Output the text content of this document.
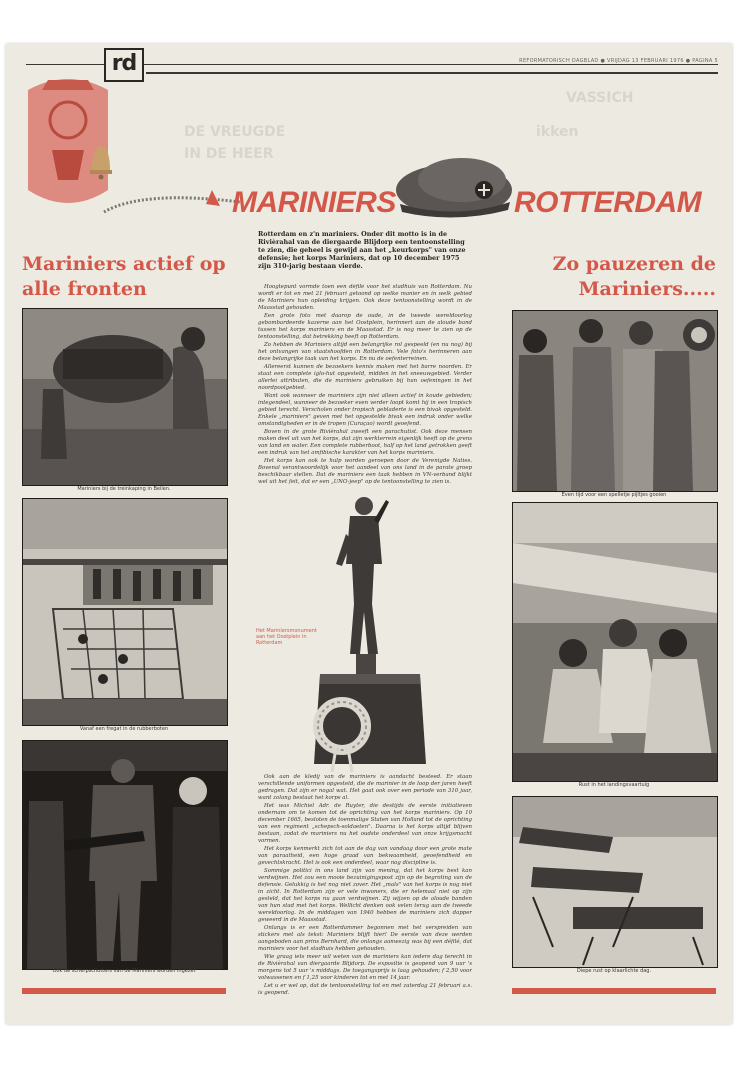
DE VREUGDE
IN DE HEER
VASSICH
ikken
rd	REFORMATORISCH DAGBLAD ● VRIJDAG 13 FEBRUARI 1976 ● PAGINA 5
MARINIERS	ROTTERDAM
Mariniers actief op alle fronten
Zo pauzeren de Mariniers.....
Rotterdam en z'n mariniers. Onder dit motto is in de Rivièrahal van de diergaarde Blijdorp een tentoonstelling te zien, die geheel is gewijd aan het „keurkorps" van onze defensie; het korps Mariniers, dat op 10 december 1975 zijn 310-jarig bestaan vierde.

Hoogtepunt vormde toen een défilé voor het stadhuis van Rotterdam. Nu wordt er tot en met 21 februari getoond op welke manier en in welk gebied de Mariniers hun opleiding krijgen. Ook deze tentoonstelling wordt in de Maasstad gehouden.

Een grote foto met daarop de oude, in de tweede wereldoorlog gebombardeerde kazerne aan het Oostplein, herinnert aan de aloude band tussen het korps mariniers en de Maasstad. Er is nog meer te zien op de tentoonstelling, dat betrekking heeft op Rotterdam.

Zo hebben de Mariniers altijd een belangrijke rol gespeeld (en nu nog) bij het ontvangen van staatshoofden in Rotterdam. Vele foto's herinneren aan deze belangrijke taak van het korps. En nu de oefenterreinen.

Allereerst kunnen de bezoekers kennis maken met het barre noorden. Er staat een complete iglo-hut opgesteld, midden in het sneeuwgebied. Verder allerlei attributen, die de mariniers gebruiken bij hun oefeningen in het noordpoolgebied.

Want ook wanneer de mariniers zijn niet alleen actief in koude gebieden; integendeel, wanneer de bezoeker even verder loopt komt hij in een tropisch gebied terecht. Verscholen onder tropisch gebladerte is een bivak opgesteld. Enkele „mariniers" geven met het opgestelde bivak een indruk onder welke omstandigheden er in de tropen (Curaçao) wordt geoefend.

Boven in de grote Rivièrahal zweeft een parachutist. Ook deze mensen maken deel uit van het korps, dat zijn werkterrein eigenlijk heeft op de grens van land en water. Een complete rubberboot, half op het land getrokken geeft een indruk van het amfibische karakter van het korps mariniers.

Het korps kan ook te hulp worden geroepen door de Verenigde Naties. Bovenal verantwoordelijk voor het aandeel van ons land in de parate groep beschikbaar stellen. Dat de mariniers een taak hebben in VN-verband blijkt wel uit het feit, dat er een „UNO-jeep" op de tentoonstelling te zien is.

Het Mariniersmonument aan het Oostplein in Rotterdam

Ook aan de kledij van de mariniers is aandacht besteed. Er staan verschillende uniformen opgesteld, die de marinier in de loop der jaren heeft gedragen. Dat zijn er nogal wat. Het gaat ook over een periode van 310 jaar, want zolang bestaat het korps al.

Het was Michiel Adr. de Ruyter, die destijds de eerste initiatieven ondernam om te komen tot de oprichting van het korps mariniers. Op 10 december 1665, besloten de toenmalige Staten van Holland tot de oprichting van een regiment „schepsch-soldaeten". Daarna is het korps altijd blijven bestaan, zodat de mariniers nu het oudste onderdeel van onze krijgsmacht vormen.

Het korps kenmerkt zich tot aan de dag van vandaag door een grote mate van paraatheid, een hoge graad van bekwaamheid, geoefendheid en gevechtskracht. Het is ook een onderdeel, waar nog discipline is.

Sommige politici in ons land zijn van mening, dat het korps best kan verdwijnen. Het zou een mooie bezuinigingspost zijn op de begroting van de defensie. Gelukkig is het nog niet zover. Het „mals" van het korps is nog niet in zicht. In Rotterdam zijn er vele inwoners, die er helemaal niet op zijn gesteld, dat het korps nu gaan verdwijnen. Zij wijzen op de aloude banden van hun stad met het korps. Wellicht denken ook velen terug aan de tweede wereldoorlog. In de middagen van 1940 hebben de mariniers zich dapper geweerd in de Maasstad.

Onlangs is er een Rotterdammer begonnen met het verspreiden van stickers met als tekst: Mariniers blijft hier! De eerste van deze werden aangeboden aan prins Bernhard, die onlangs aanwezig was bij een défilé, dat mariniers voor het stadhuis hebben gehouden.

Wie graag iets meer wil weten van de mariniers kan iedere dag terecht in de Rivièrahal van diergaarde Blijdorp. De expositie is geopend van 9 uur 's morgens tot 5 uur 's middags. De toegangsprijs is laag gehouden; f 2,50 voor volwassenen en f 1,25 voor kinderen tot en met 14 jaar.

Let u er wel op, dat de tentoonstelling tot en met zaterdag 21 februari a.s. is geopend.

Mariniers bij de treinkaping in Beilen.
Vanaf een fregat in de rubberboten
Ook de scherpschutters van de Mariniers worden ingezet
Even tijd voor een spelletje pijltjes gooien
Rust in het landingsvaartuig
Diepe rust op klaarlichte dag.
